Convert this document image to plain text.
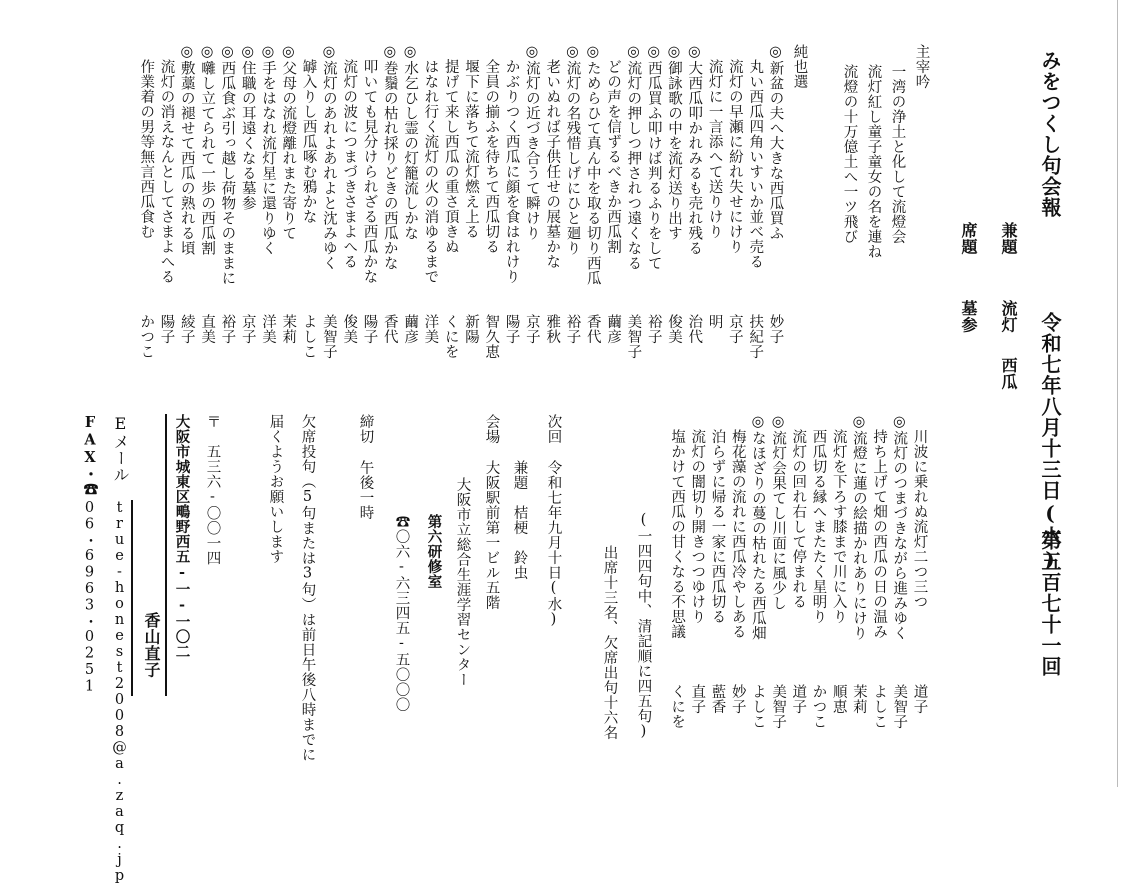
みをつくし句会報
令和七年八月十三日(水)
第五百七十一回
兼題
流灯
西瓜
席題
墓参
主宰吟
一湾の浄土と化して流燈会
流灯紅し童子童女の名を連ね
流燈の十万億土へ一ツ飛び
純也選
◎新盆の夫へ大きな西瓜買ふ
妙子
丸い西瓜四角いすいか並べ売る
扶紀子
流灯の早瀬に紛れ失せにけり
京子
流灯に一言添へて送りけり
明
◎大西瓜叩かれみるも売れ残る
治代
◎御詠歌の中を流灯送り出す
俊美
◎西瓜買ふ叩けば判るふりをして
裕子
◎流灯の押しつ押されつ遠くなる
美智子
どの声を信ずるべきか西瓜割
繭彦
◎ためらひて真ん中を取る切り西瓜
香代
◎流灯の名残惜しげにひと廻り
裕子
老いぬれば子供任せの展墓かな
雅秋
◎流灯の近づき合うて瞬けり
京子
かぶりつく西瓜に顔を食はれけり
陽子
全員の揃ふを待ちて西瓜切る
智久恵
堰下に落ちて流灯燃え上る
新陽
提げて来し西瓜の重さ頂きぬ
くにを
はなれ行く流灯の火の消ゆるまで
洋美
◎水乞ひし霊の灯籠流しかな
繭彦
◎巻鬚の枯れ採りどきの西瓜かな
香代
叩いても見分けられざる西瓜かな
陽子
流灯の波につまづきさまよへる
俊美
◎流灯のあれよあれよと沈みゆく
美智子
罅入りし西瓜啄む鴉かな
よしこ
◎父母の流燈離れまた寄りて
茉莉
◎手をはなれ流灯星に還りゆく
洋美
◎住職の耳遠くなる墓参
京子
◎西瓜食ぶ引っ越し荷物そのままに
裕子
◎囃し立てられて一歩の西瓜割
直美
◎敷藁の褪せて西瓜の熟れる頃
綾子
流灯の消えなんとしてさまよへる
陽子
作業着の男等無言西瓜食む
かつこ
川波に乗れぬ流灯二つ三つ
道子
◎流灯のつまづきながら進みゆく
美智子
持ち上げて畑の西瓜の日の温み
よしこ
◎流燈に蓮の絵描かれありにけり
茉莉
流灯を下ろす膝まで川に入り
順恵
西瓜切る縁へまたたく星明り
かつこ
流灯の回れ右して停まれる
道子
◎流灯会果てし川面に風少し
美智子
◎なほざりの蔓の枯れたる西瓜畑
よしこ
梅花藻の流れに西瓜冷やしある
妙子
泊らずに帰る一家に西瓜切る
藍香
流灯の闇切り開きつつゆけり
直子
塩かけて西瓜の甘くなる不思議
くにを
(一四四句中、清記順に四五句)
出席十三名、欠席出句十六名
次回
令和七年九月十日(水)
兼題　桔梗　鈴虫
会場
大阪駅前第一ビル五階
大阪市立総合生涯学習センター
第六研修室
☎〇六-六三四五-五〇〇〇
締切
午後一時
欠席投句（5句または3句）は前日午後八時までに
届くようお願いします
〒　五三六-〇〇一四
大阪市城東区鴫野西五-一-一〇二
香山直子
Eメール
true-honest2008@a.zaq.jp
FAX・☎
06・6963・0251
